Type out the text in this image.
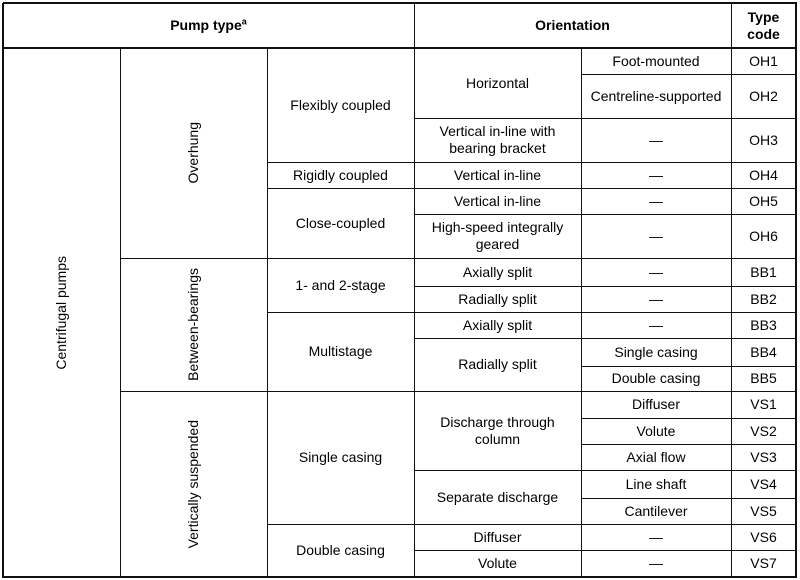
Pump type$^a$	Orientation
Type
code
Centrifugal pumps
Overhung
Between-bearings
Vertically suspended
Flexibly coupled
Rigidly coupled
Close-coupled
1- and 2-stage
Multistage
Single casing
Double casing
Horizontal
Vertical in-line with bearing bracket
Vertical in-line
Vertical in-line
High-speed integrally geared
Axially split
Radially split
Axially split
Radially split
Discharge through column
Separate discharge
Diffuser
Volute
Foot-mounted
Centreline-supported
—
—
—
—
—
—
—
Single casing
Double casing
Diffuser
Volute
Axial flow
Line shaft
Cantilever
—
—
OH1
OH2
OH3
OH4
OH5
OH6
BB1
BB2
BB3
BB4
BB5
VS1
VS2
VS3
VS4
VS5
VS6
VS7
